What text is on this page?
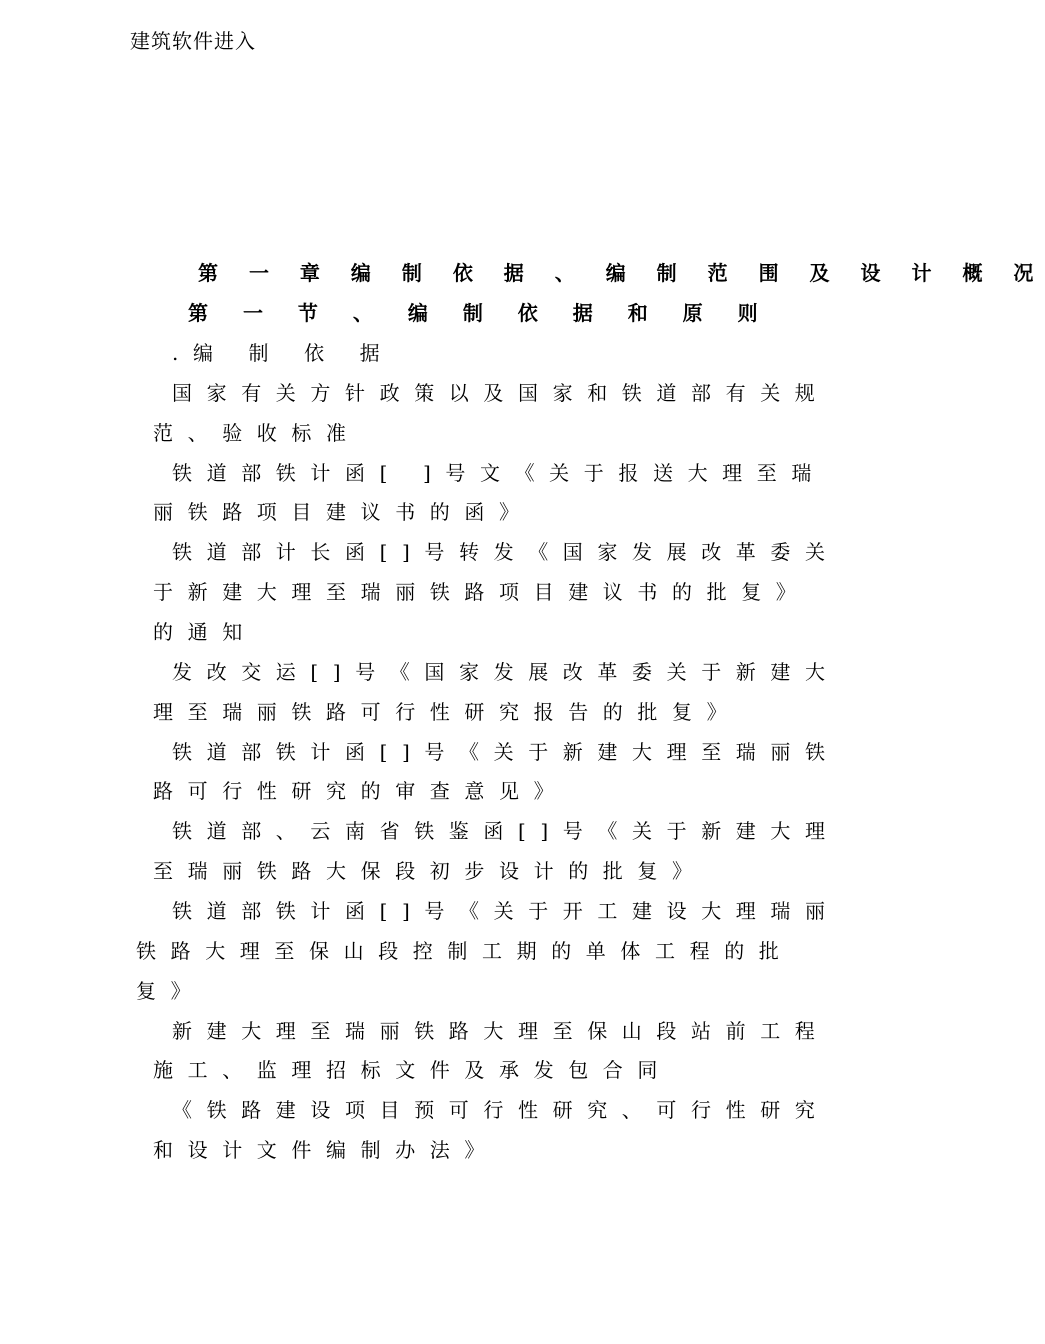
建筑软件进入
第 一 章 编 制 依 据 、 编 制 范 围 及 设 计 概 况
第 一 节 、 编 制 依 据 和 原 则
.编 制 依 据
国家有关方针政策以及国家和铁道部有关规
范、验收标准
铁道部铁计函[ ]号文《关于报送大理至瑞
丽铁路项目建议书的函》
铁道部计长函[]号转发《国家发展改革委关
于新建大理至瑞丽铁路项目建议书的批复》
的通知
发改交运[]号《国家发展改革委关于新建大
理至瑞丽铁路可行性研究报告的批复》
铁道部铁计函[]号《关于新建大理至瑞丽铁
路可行性研究的审查意见》
铁道部、云南省铁鉴函[]号《关于新建大理
至瑞丽铁路大保段初步设计的批复》
铁道部铁计函[]号《关于开工建设大理瑞丽
铁路大理至保山段控制工期的单体工程的批
复》
新建大理至瑞丽铁路大理至保山段站前工程
施工、监理招标文件及承发包合同
《铁路建设项目预可行性研究、可行性研究
和设计文件编制办法》
